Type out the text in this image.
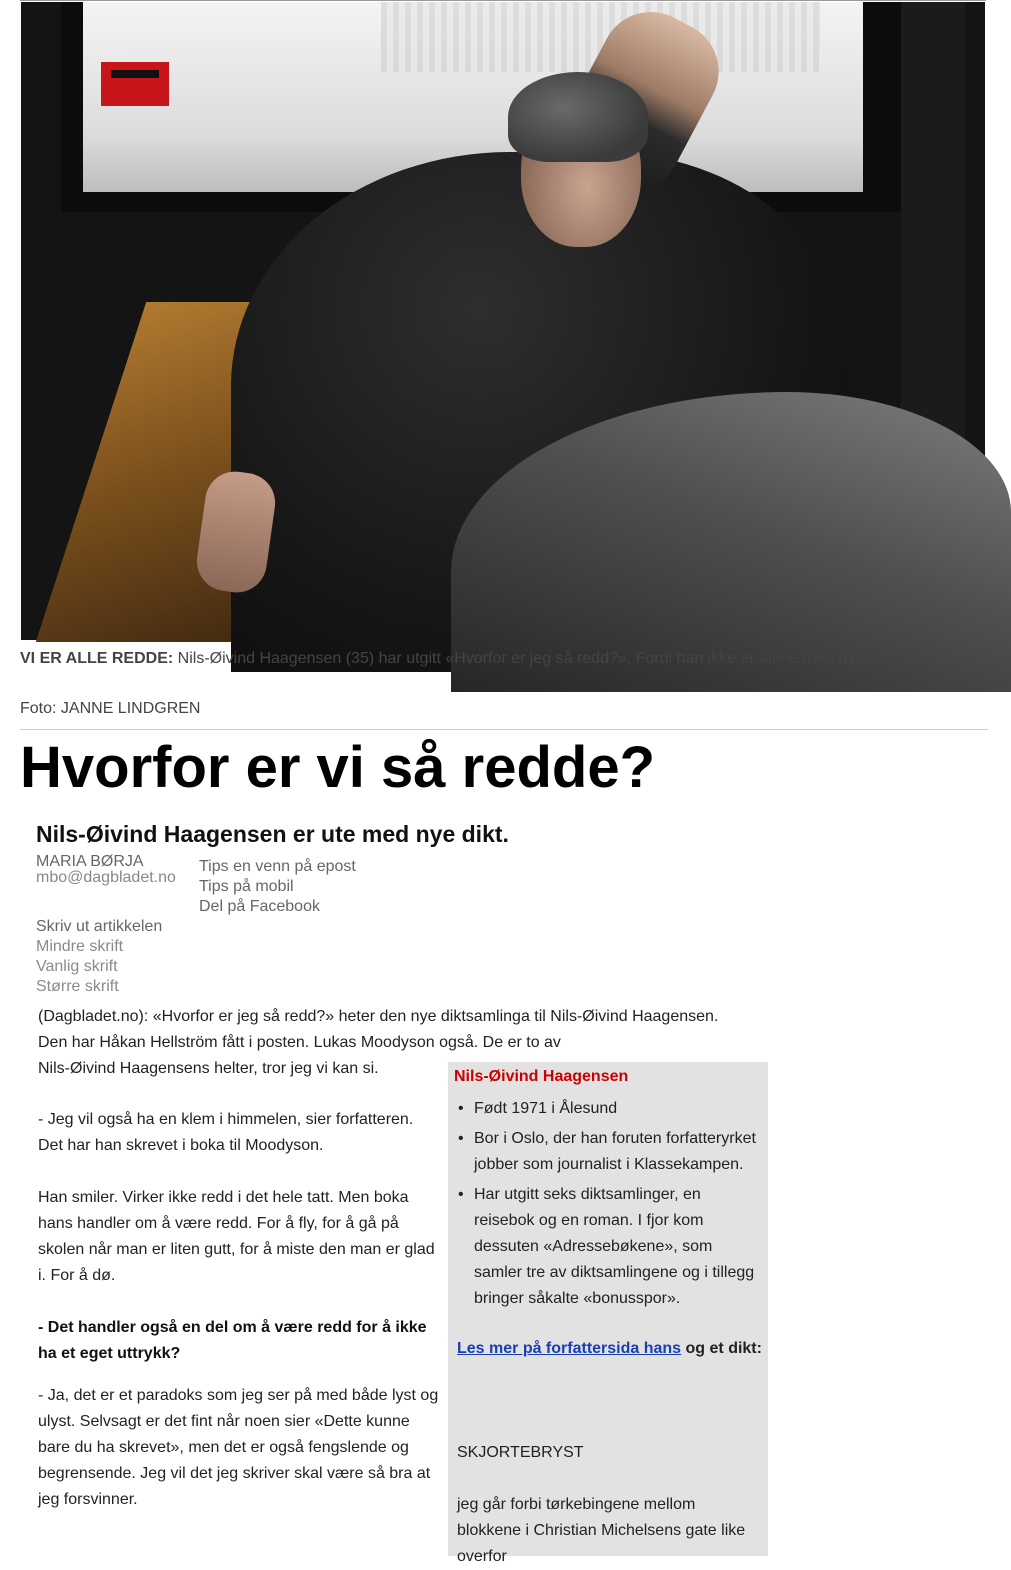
VI ER ALLE REDDE: Nils-Øivind Haagensen (35) har utgitt «Hvorfor er jeg så redd?». Fordi han ikke er alene med frykten.
Foto: JANNE LINDGREN
Hvorfor er vi så redde?
Nils-Øivind Haagensen er ute med nye dikt.
MARIA BØRJA
mbo@dagbladet.no
Tips en venn på epost
Tips på mobil
Del på Facebook
Skriv ut artikkelen
Mindre skrift
Vanlig skrift
Større skrift

(Dagbladet.no): «Hvorfor er jeg så redd?» heter den nye diktsamlinga til Nils-Øivind Haagensen. Den har Håkan Hellström fått i posten. Lukas Moodyson også. De er to av

Nils-Øivind Haagensens helter, tror jeg vi kan si.

- Jeg vil også ha en klem i himmelen, sier forfatteren. Det har han skrevet i boka til Moodyson.

Han smiler. Virker ikke redd i det hele tatt. Men boka hans handler om å være redd. For å fly, for å gå på skolen når man er liten gutt, for å miste den man er glad i. For å dø.

- Det handler også en del om å være redd for å ikke ha et eget uttrykk?

- Ja, det er et paradoks som jeg ser på med både lyst og ulyst. Selvsagt er det fint når noen sier «Dette kunne bare du ha skrevet», men det er også fengslende og begrensende. Jeg vil det jeg skriver skal være så bra at jeg forsvinner.

Nils-Øivind Haagensen
• Født 1971 i Ålesund
• Bor i Oslo, der han foruten forfatteryrket jobber som journalist i Klassekampen.
• Har utgitt seks diktsamlinger, en reisebok og en roman. I fjor kom dessuten «Adressebøkene», som samler tre av diktsamlingene og i tillegg bringer såkalte «bonusspor».
Les mer på forfattersida hans og et dikt:
SKJORTEBRYST
jeg går forbi tørkebingene mellom blokkene i Christian Michelsens gate like overfor
